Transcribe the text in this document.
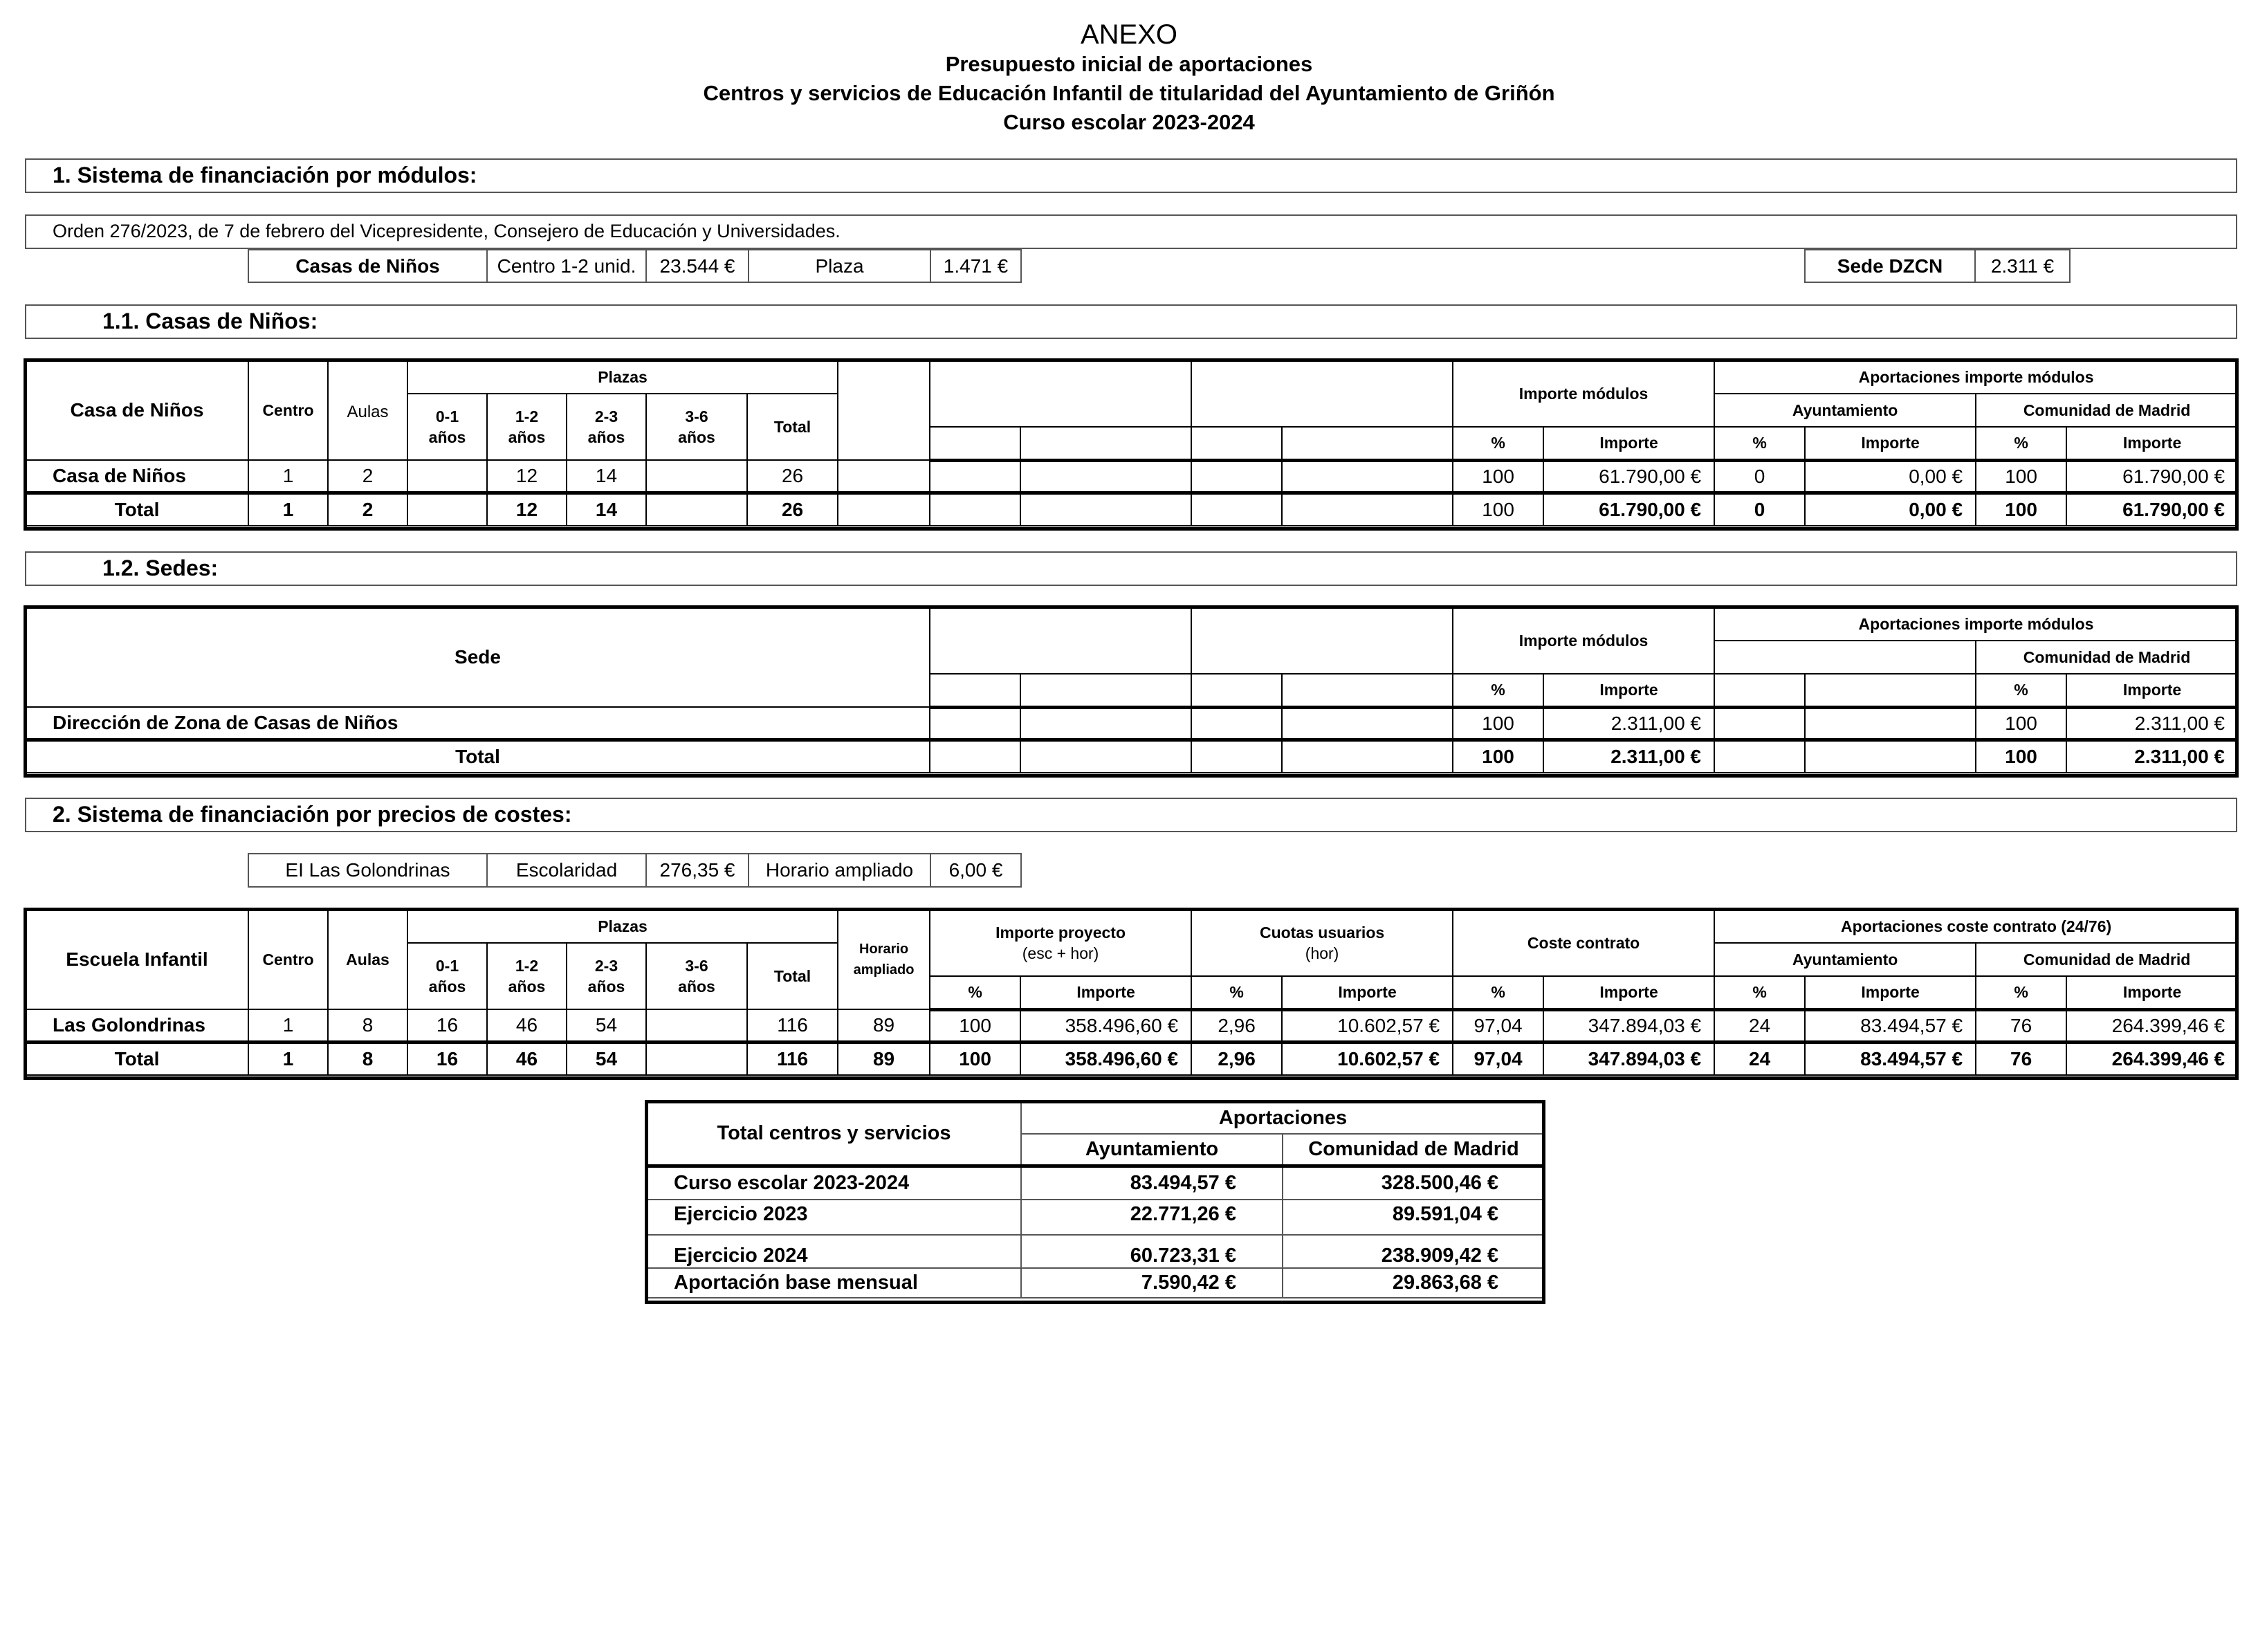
ANEXO
Presupuesto inicial de aportaciones
Centros y servicios de Educación Infantil de titularidad del Ayuntamiento de Griñón
Curso escolar 2023-2024
1. Sistema de financiación por módulos:
Orden 276/2023, de 7 de febrero del Vicepresidente, Consejero de Educación y Universidades.
Casas de Niños	Centro 1-2 unid.	23.544 €	Plaza	1.471 €	Sede DZCN	2.311 €
1.1. Casas de Niños:
Casa de Niños	Centro	Aulas	Plazas										Importe módulos		Aportaciones importe módulos			
			0-1
años	1-2
años	2-3
años	3-6
años	Total								Ayuntamiento		Comunidad de Madrid	
													%	Importe	%	Importe	%	Importe
Casa de Niños	1	2		12	14		26						100	61.790,00 €	0	0,00 €	100	61.790,00 €
Total	1	2		12	14		26						100	61.790,00 €	0	0,00 €	100	61.790,00 €
1.2. Sedes:
Sede					Importe módulos		Aportaciones importe módulos			
									Comunidad de Madrid	
					%	Importe			%	Importe
Dirección de Zona de Casas de Niños					100	2.311,00 €			100	2.311,00 €
Total					100	2.311,00 €			100	2.311,00 €
2. Sistema de financiación por precios de costes:
EI Las Golondrinas	Escolaridad	276,35 €	Horario ampliado	6,00 €
Escuela Infantil	Centro	Aulas	Plazas					Horario
ampliado	Importe proyecto
(esc + hor)		Cuotas usuarios
(hor)		Coste contrato		Aportaciones coste contrato (24/76)			
			0-1
años	1-2
años	2-3
años	3-6
años	Total								Ayuntamiento		Comunidad de Madrid	
									%	Importe	%	Importe	%	Importe	%	Importe	%	Importe
Las Golondrinas	1	8	16	46	54		116	89	100	358.496,60 €	2,96	10.602,57 €	97,04	347.894,03 €	24	83.494,57 €	76	264.399,46 €
Total	1	8	16	46	54		116	89	100	358.496,60 €	2,96	10.602,57 €	97,04	347.894,03 €	24	83.494,57 €	76	264.399,46 €
Total centros y servicios	Aportaciones	
	Ayuntamiento	Comunidad de Madrid
Curso escolar 2023-2024	83.494,57 €	328.500,46 €
Ejercicio 2023	22.771,26 €	89.591,04 €
Ejercicio 2024	60.723,31 €	238.909,42 €
Aportación base mensual	7.590,42 €	29.863,68 €
